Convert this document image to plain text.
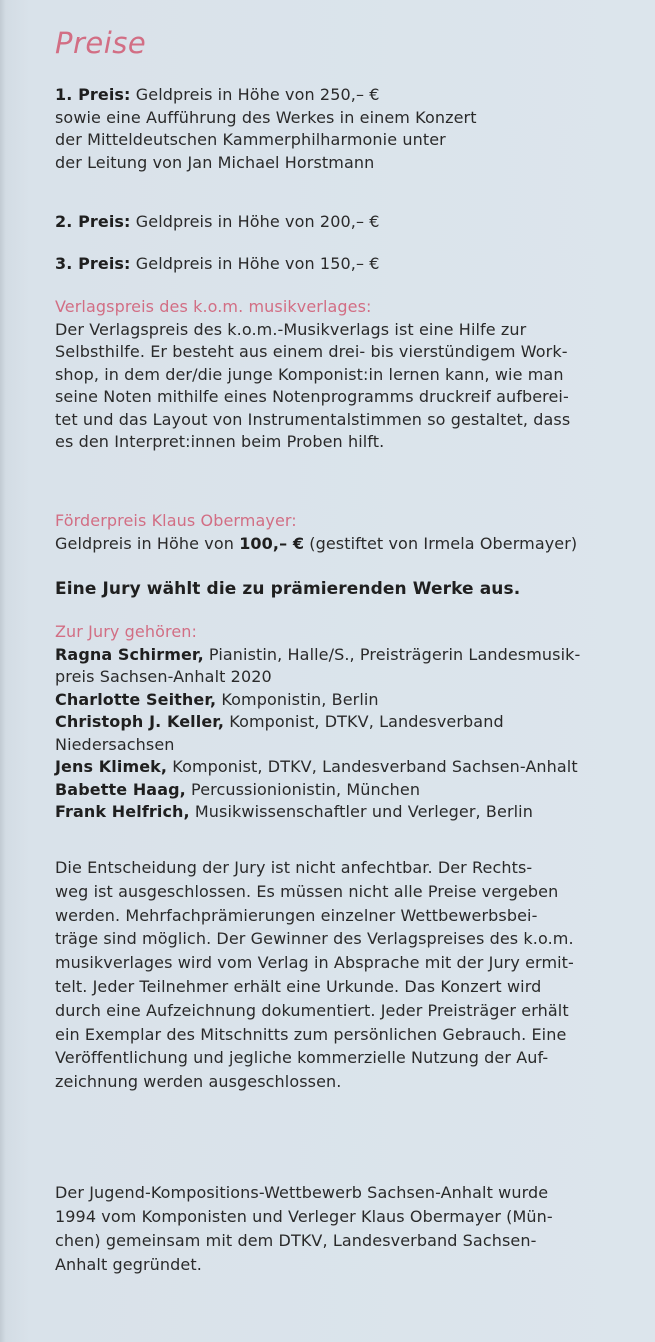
Preise
1. Preis: Geldpreis in Höhe von 250,– €
sowie eine Aufführung des Werkes in einem Konzert
der Mitteldeutschen Kammerphilharmonie unter
der Leitung von Jan Michael Horstmann
2. Preis: Geldpreis in Höhe von 200,– €
3. Preis: Geldpreis in Höhe von 150,– €
Verlagspreis des k.o.m. musikverlages:
Der Verlagspreis des k.o.m.-Musikverlags ist eine Hilfe zur
Selbsthilfe. Er besteht aus einem drei- bis vierstündigem Work-
shop, in dem der/die junge Komponist:in lernen kann, wie man
seine Noten mithilfe eines Notenprogramms druckreif aufberei-
tet und das Layout von Instrumentalstimmen so gestaltet, dass
es den Interpret:innen beim Proben hilft.
Förderpreis Klaus Obermayer:
Geldpreis in Höhe von 100,– € (gestiftet von Irmela Obermayer)
Eine Jury wählt die zu prämierenden Werke aus.
Zur Jury gehören:
Ragna Schirmer, Pianistin, Halle/S., Preisträgerin Landesmusik-
preis Sachsen-Anhalt 2020
Charlotte Seither, Komponistin, Berlin
Christoph J. Keller, Komponist, DTKV, Landesverband
Niedersachsen
Jens Klimek, Komponist, DTKV, Landesverband Sachsen-Anhalt
Babette Haag, Percussionionistin, München
Frank Helfrich, Musikwissenschaftler und Verleger, Berlin
Die Entscheidung der Jury ist nicht anfechtbar. Der Rechts-
weg ist ausgeschlossen. Es müssen nicht alle Preise vergeben
werden. Mehrfachprämierungen einzelner Wettbewerbsbei-
träge sind möglich. Der Gewinner des Verlagspreises des k.o.m.
musikverlages wird vom Verlag in Absprache mit der Jury ermit-
telt. Jeder Teilnehmer erhält eine Urkunde. Das Konzert wird
durch eine Aufzeichnung dokumentiert. Jeder Preisträger erhält
ein Exemplar des Mitschnitts zum persönlichen Gebrauch. Eine
Veröffentlichung und jegliche kommerzielle Nutzung der Auf-
zeichnung werden ausgeschlossen.
Der Jugend-Kompositions-Wettbewerb Sachsen-Anhalt wurde
1994 vom Komponisten und Verleger Klaus Obermayer (Mün-
chen) gemeinsam mit dem DTKV, Landesverband Sachsen-
Anhalt gegründet.
